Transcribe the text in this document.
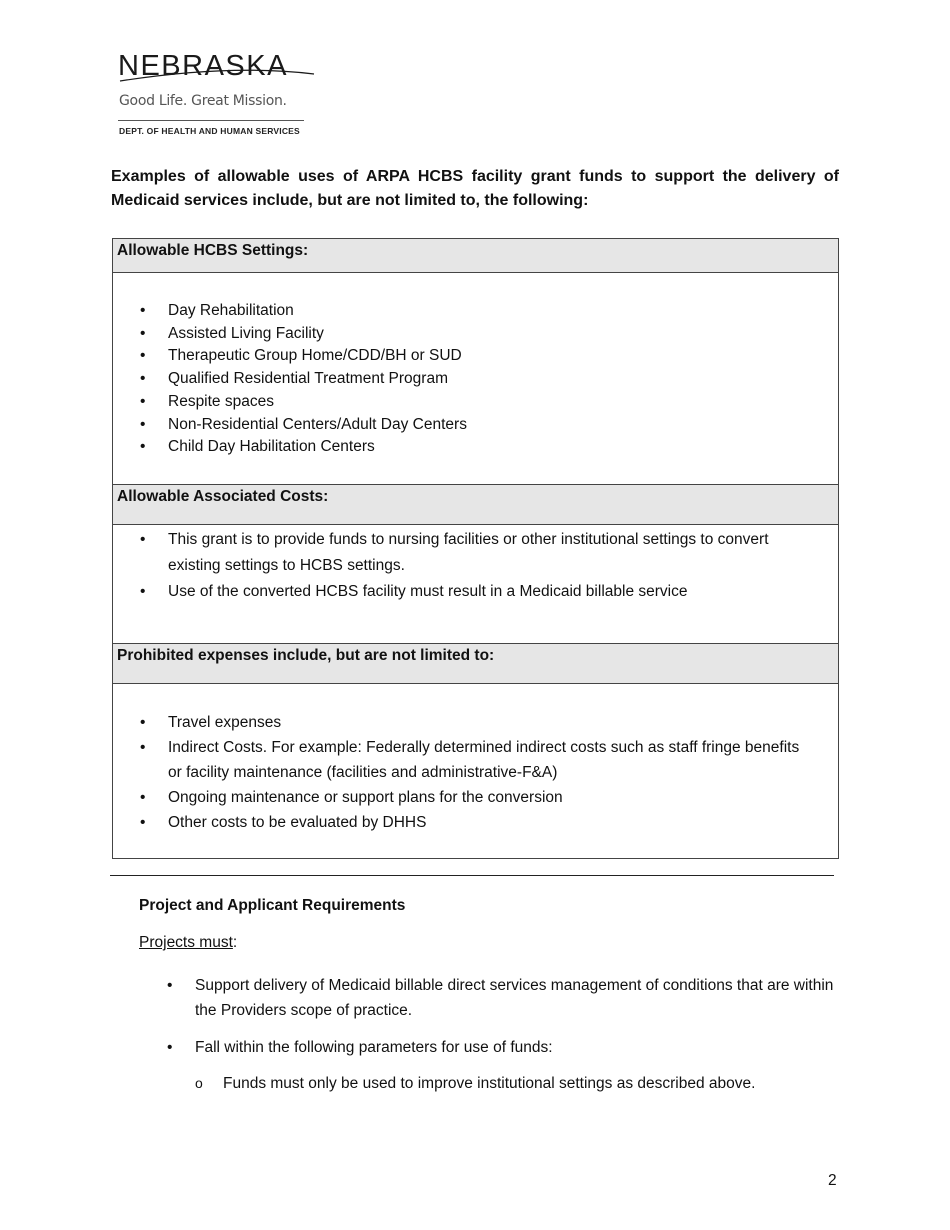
NEBRASKA
Good Life. Great Mission.
DEPT. OF HEALTH AND HUMAN SERVICES

Examples of allowable uses of ARPA HCBS facility grant funds to support the delivery of Medicaid services include, but are not limited to, the following:

Allowable HCBS Settings:
• Day Rehabilitation
• Assisted Living Facility
• Therapeutic Group Home/CDD/BH or SUD
• Qualified Residential Treatment Program
• Respite spaces
• Non-Residential Centers/Adult Day Centers
• Child Day Habilitation Centers
Allowable Associated Costs:
• This grant is to provide funds to nursing facilities or other institutional settings to convert existing settings to HCBS settings.
• Use of the converted HCBS facility must result in a Medicaid billable service
Prohibited expenses include, but are not limited to:
• Travel expenses
• Indirect Costs. For example: Federally determined indirect costs such as staff fringe benefits or facility maintenance (facilities and administrative-F&A)
• Ongoing maintenance or support plans for the conversion
• Other costs to be evaluated by DHHS
Project and Applicant Requirements
Projects must:
• Support delivery of Medicaid billable direct services management of conditions that are within the Providers scope of practice.
• Fall within the following parameters for use of funds:
o Funds must only be used to improve institutional settings as described above.
2
